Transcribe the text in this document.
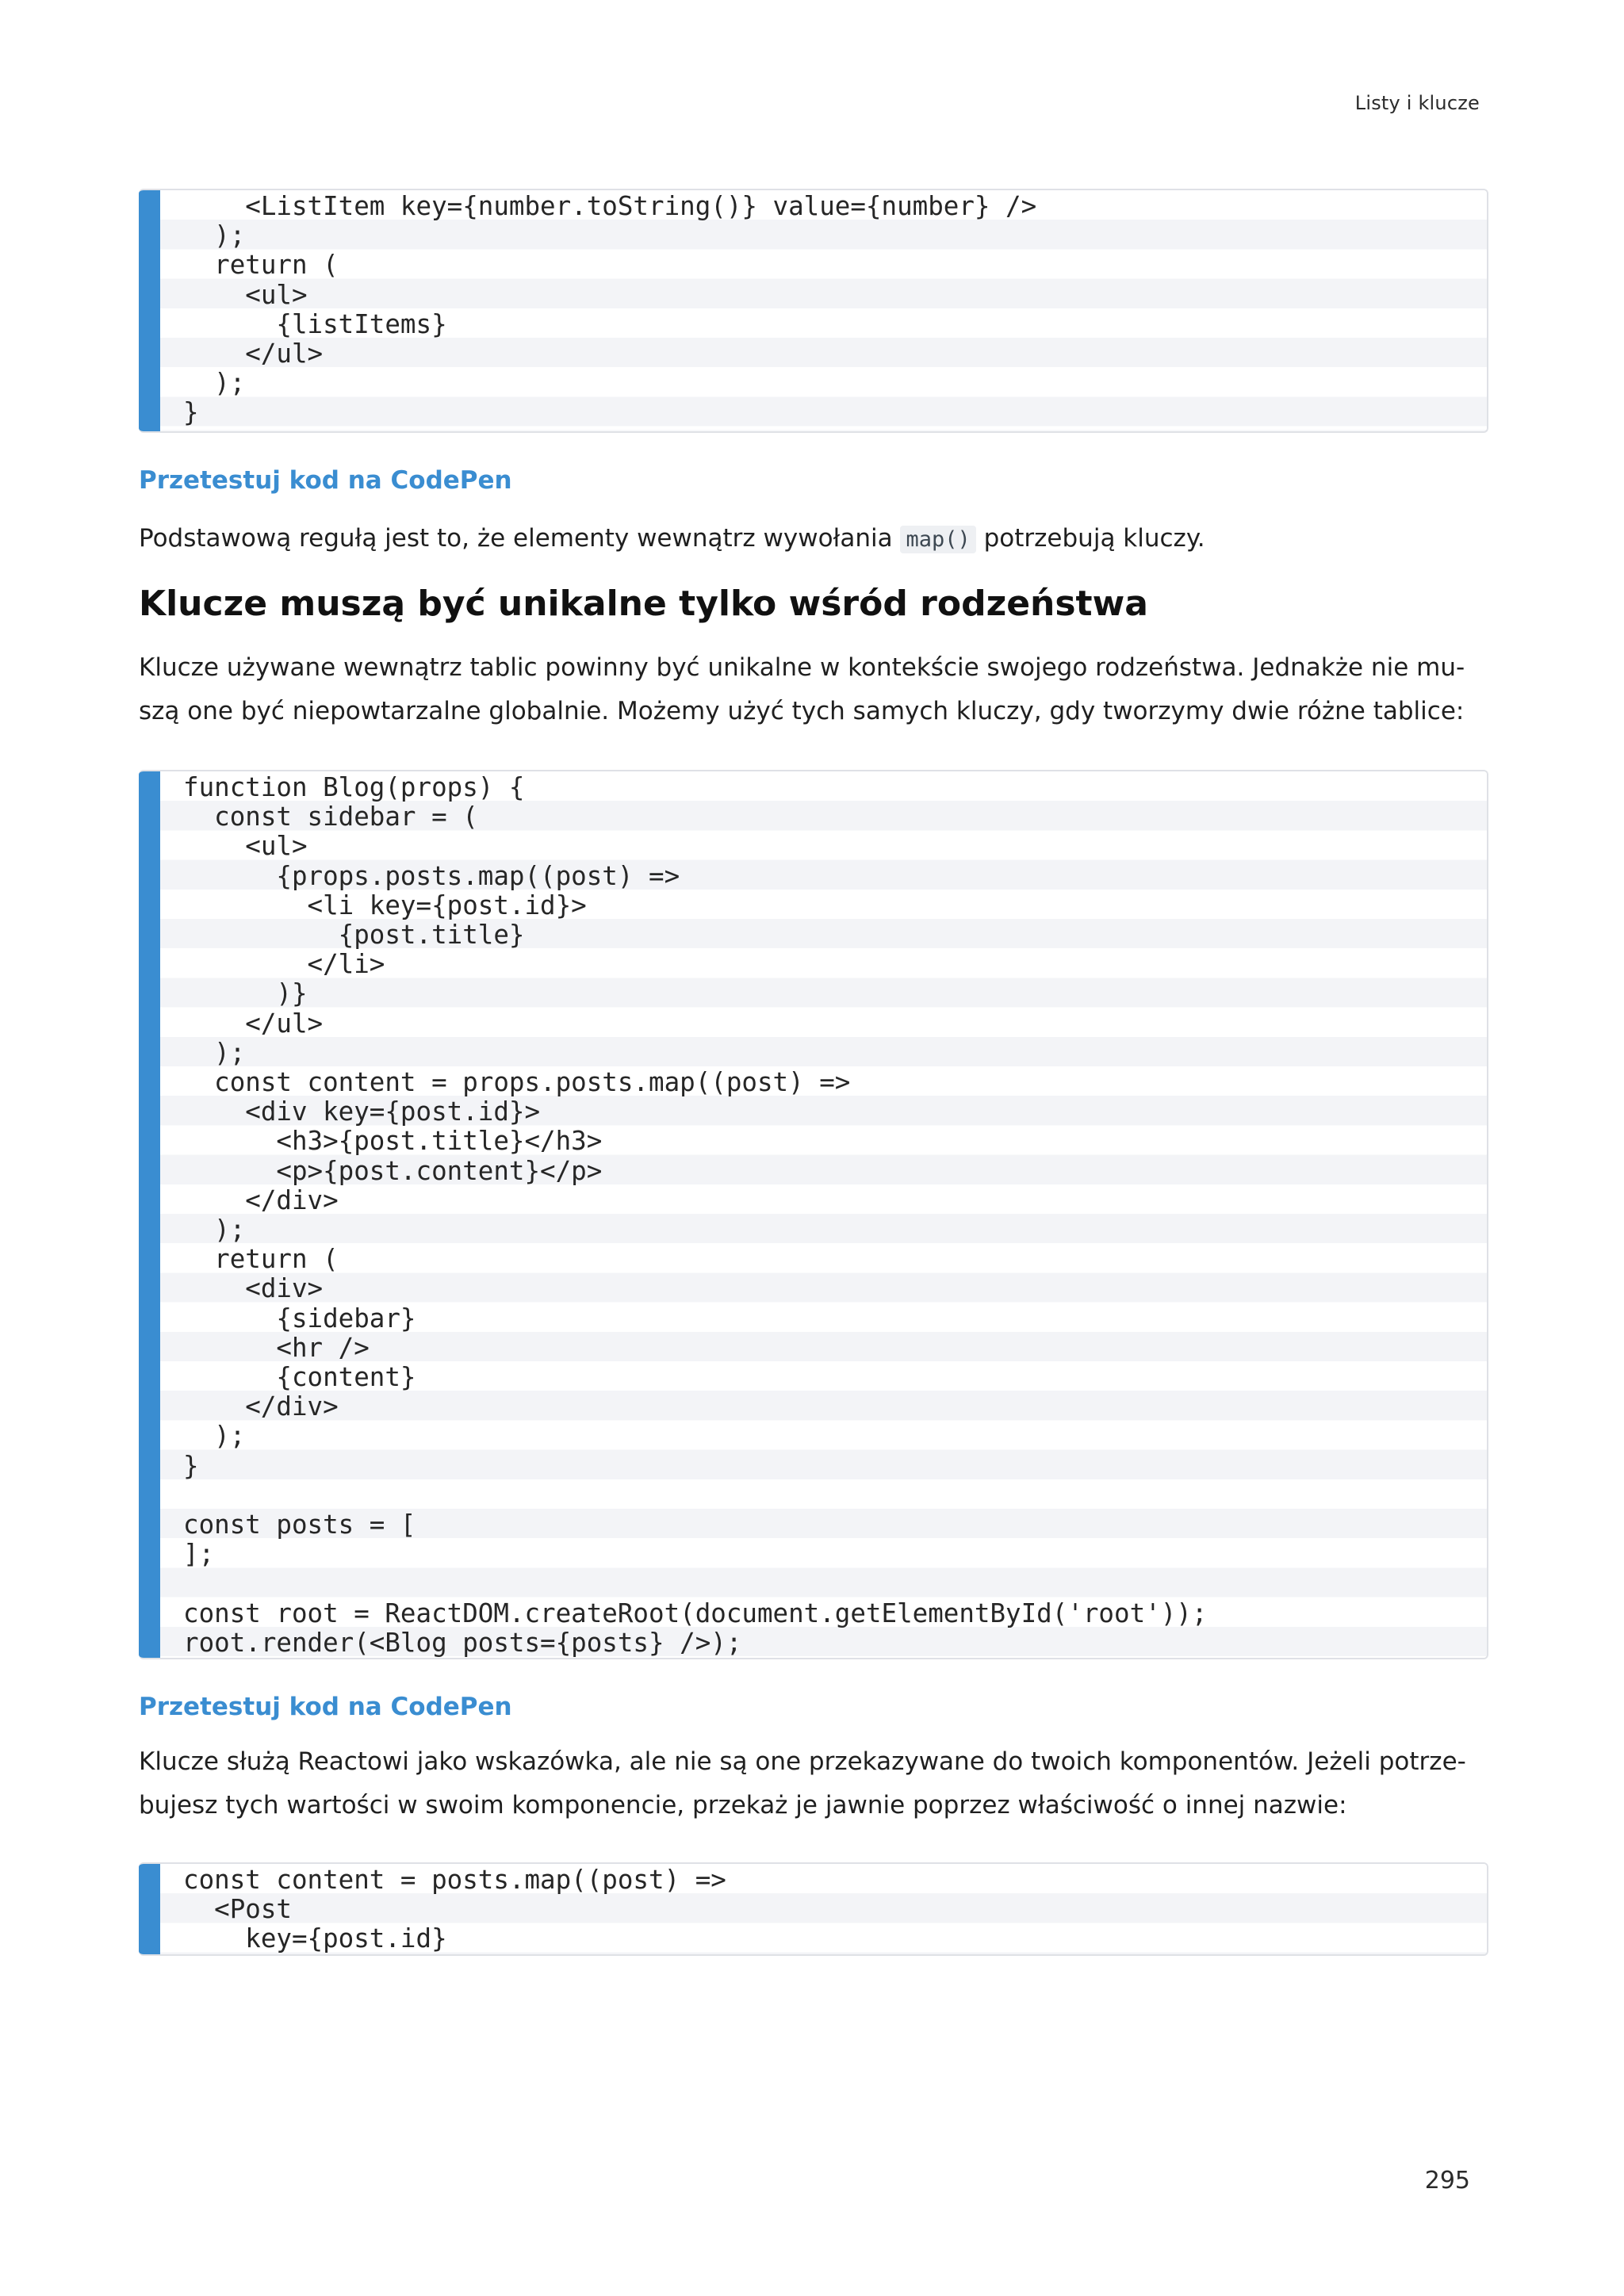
Listy i klucze
<ListItem key={number.toString()} value={number} />
);
return (
<ul>
{listItems}
</ul>
);
}
Przetestuj kod na CodePen

Podstawową regułą jest to, że elementy wewnątrz wywołania map() potrzebują kluczy.

Klucze muszą być unikalne tylko wśród rodzeństwa

Klucze używane wewnątrz tablic powinny być unikalne w kontekście swojego rodzeństwa. Jednakże nie mu-
szą one być niepowtarzalne globalnie. Możemy użyć tych samych kluczy, gdy tworzymy dwie różne tablice:

function Blog(props) {
const sidebar = (
<ul>
{props.posts.map((post) =>
<li key={post.id}>
{post.title}
</li>
)}
</ul>
);
const content = props.posts.map((post) =>
<div key={post.id}>
<h3>{post.title}</h3>
<p>{post.content}</p>
</div>
);
return (
<div>
{sidebar}
<hr />
{content}
</div>
);
}

const posts = [
];

const root = ReactDOM.createRoot(document.getElementById('root'));
root.render(<Blog posts={posts} />);
Przetestuj kod na CodePen

Klucze służą Reactowi jako wskazówka, ale nie są one przekazywane do twoich komponentów. Jeżeli potrze-
bujesz tych wartości w swoim komponencie, przekaż je jawnie poprzez właściwość o innej nazwie:

const content = posts.map((post) =>
<Post
key={post.id}
295
